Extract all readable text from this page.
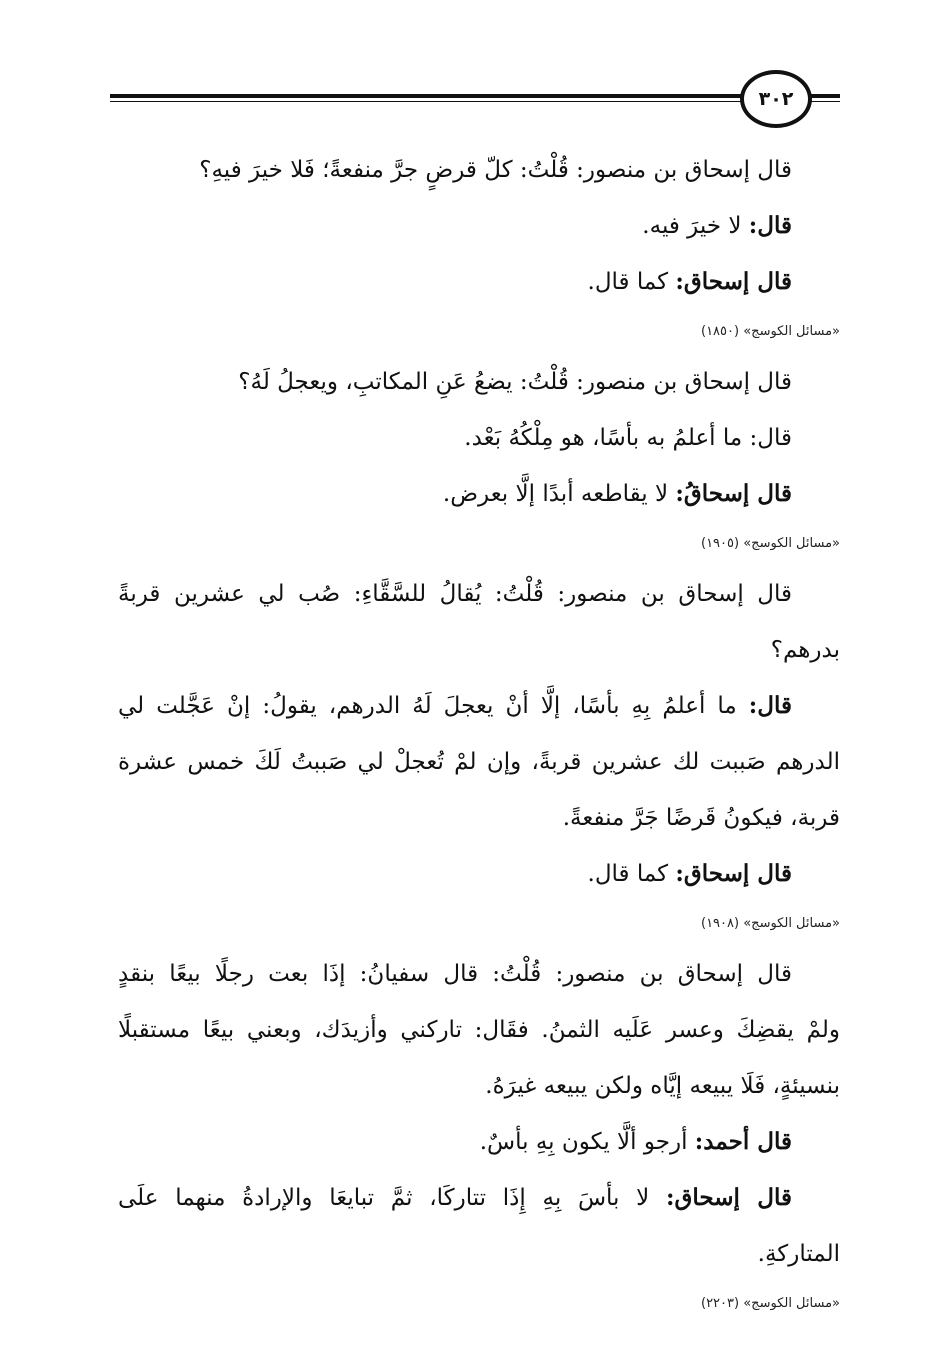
٣٠٢
قال إسحاق بن منصور: قُلْتُ: كلّ قرضٍ جرَّ منفعةً؛ فَلا خيرَ فيهِ؟
قال: لا خيرَ فيه.
قال إسحاق: كما قال.
«مسائل الكوسج» (١٨٥٠)
قال إسحاق بن منصور: قُلْتُ: يضعُ عَنِ المكاتبِ، ويعجلُ لَهُ؟
قال: ما أعلمُ به بأسًا، هو مِلْكُهُ بَعْد.
قال إسحاقُ: لا يقاطعه أبدًا إلَّا بعرض.
«مسائل الكوسج» (١٩٠٥)
قال إسحاق بن منصور: قُلْتُ: يُقالُ للسَّقَّاءِ: صُب لي عشرين قربةً
بدرهم؟
قال: ما أعلمُ بِهِ بأسًا، إلَّا أنْ يعجلَ لَهُ الدرهم، يقولُ: إنْ عَجَّلت لي
الدرهم صَببت لك عشرين قربةً، وإن لمْ تُعجلْ لي صَببتُ لَكَ خمس عشرة
قربة، فيكونُ قَرضًا جَرَّ منفعةً.
قال إسحاق: كما قال.
«مسائل الكوسج» (١٩٠٨)
قال إسحاق بن منصور: قُلْتُ: قال سفيانُ: إذَا بعت رجلًا بيعًا بنقدٍ
ولمْ يقضِكَ وعسر عَلَيه الثمنُ. فقَال: تاركني وأزيدَك، وبعني بيعًا مستقبلًا
بنسيئةٍ، فَلَا يبيعه إيَّاه ولكن يبيعه غيرَهُ.
قال أحمد: أرجو ألَّا يكون بِهِ بأسٌ.
قال إسحاق: لا بأسَ بِهِ إِذَا تتاركَا، ثمَّ تبايعَا والإرادةُ منهما علَى
المتاركةِ.
«مسائل الكوسج» (٢٢٠٣)
